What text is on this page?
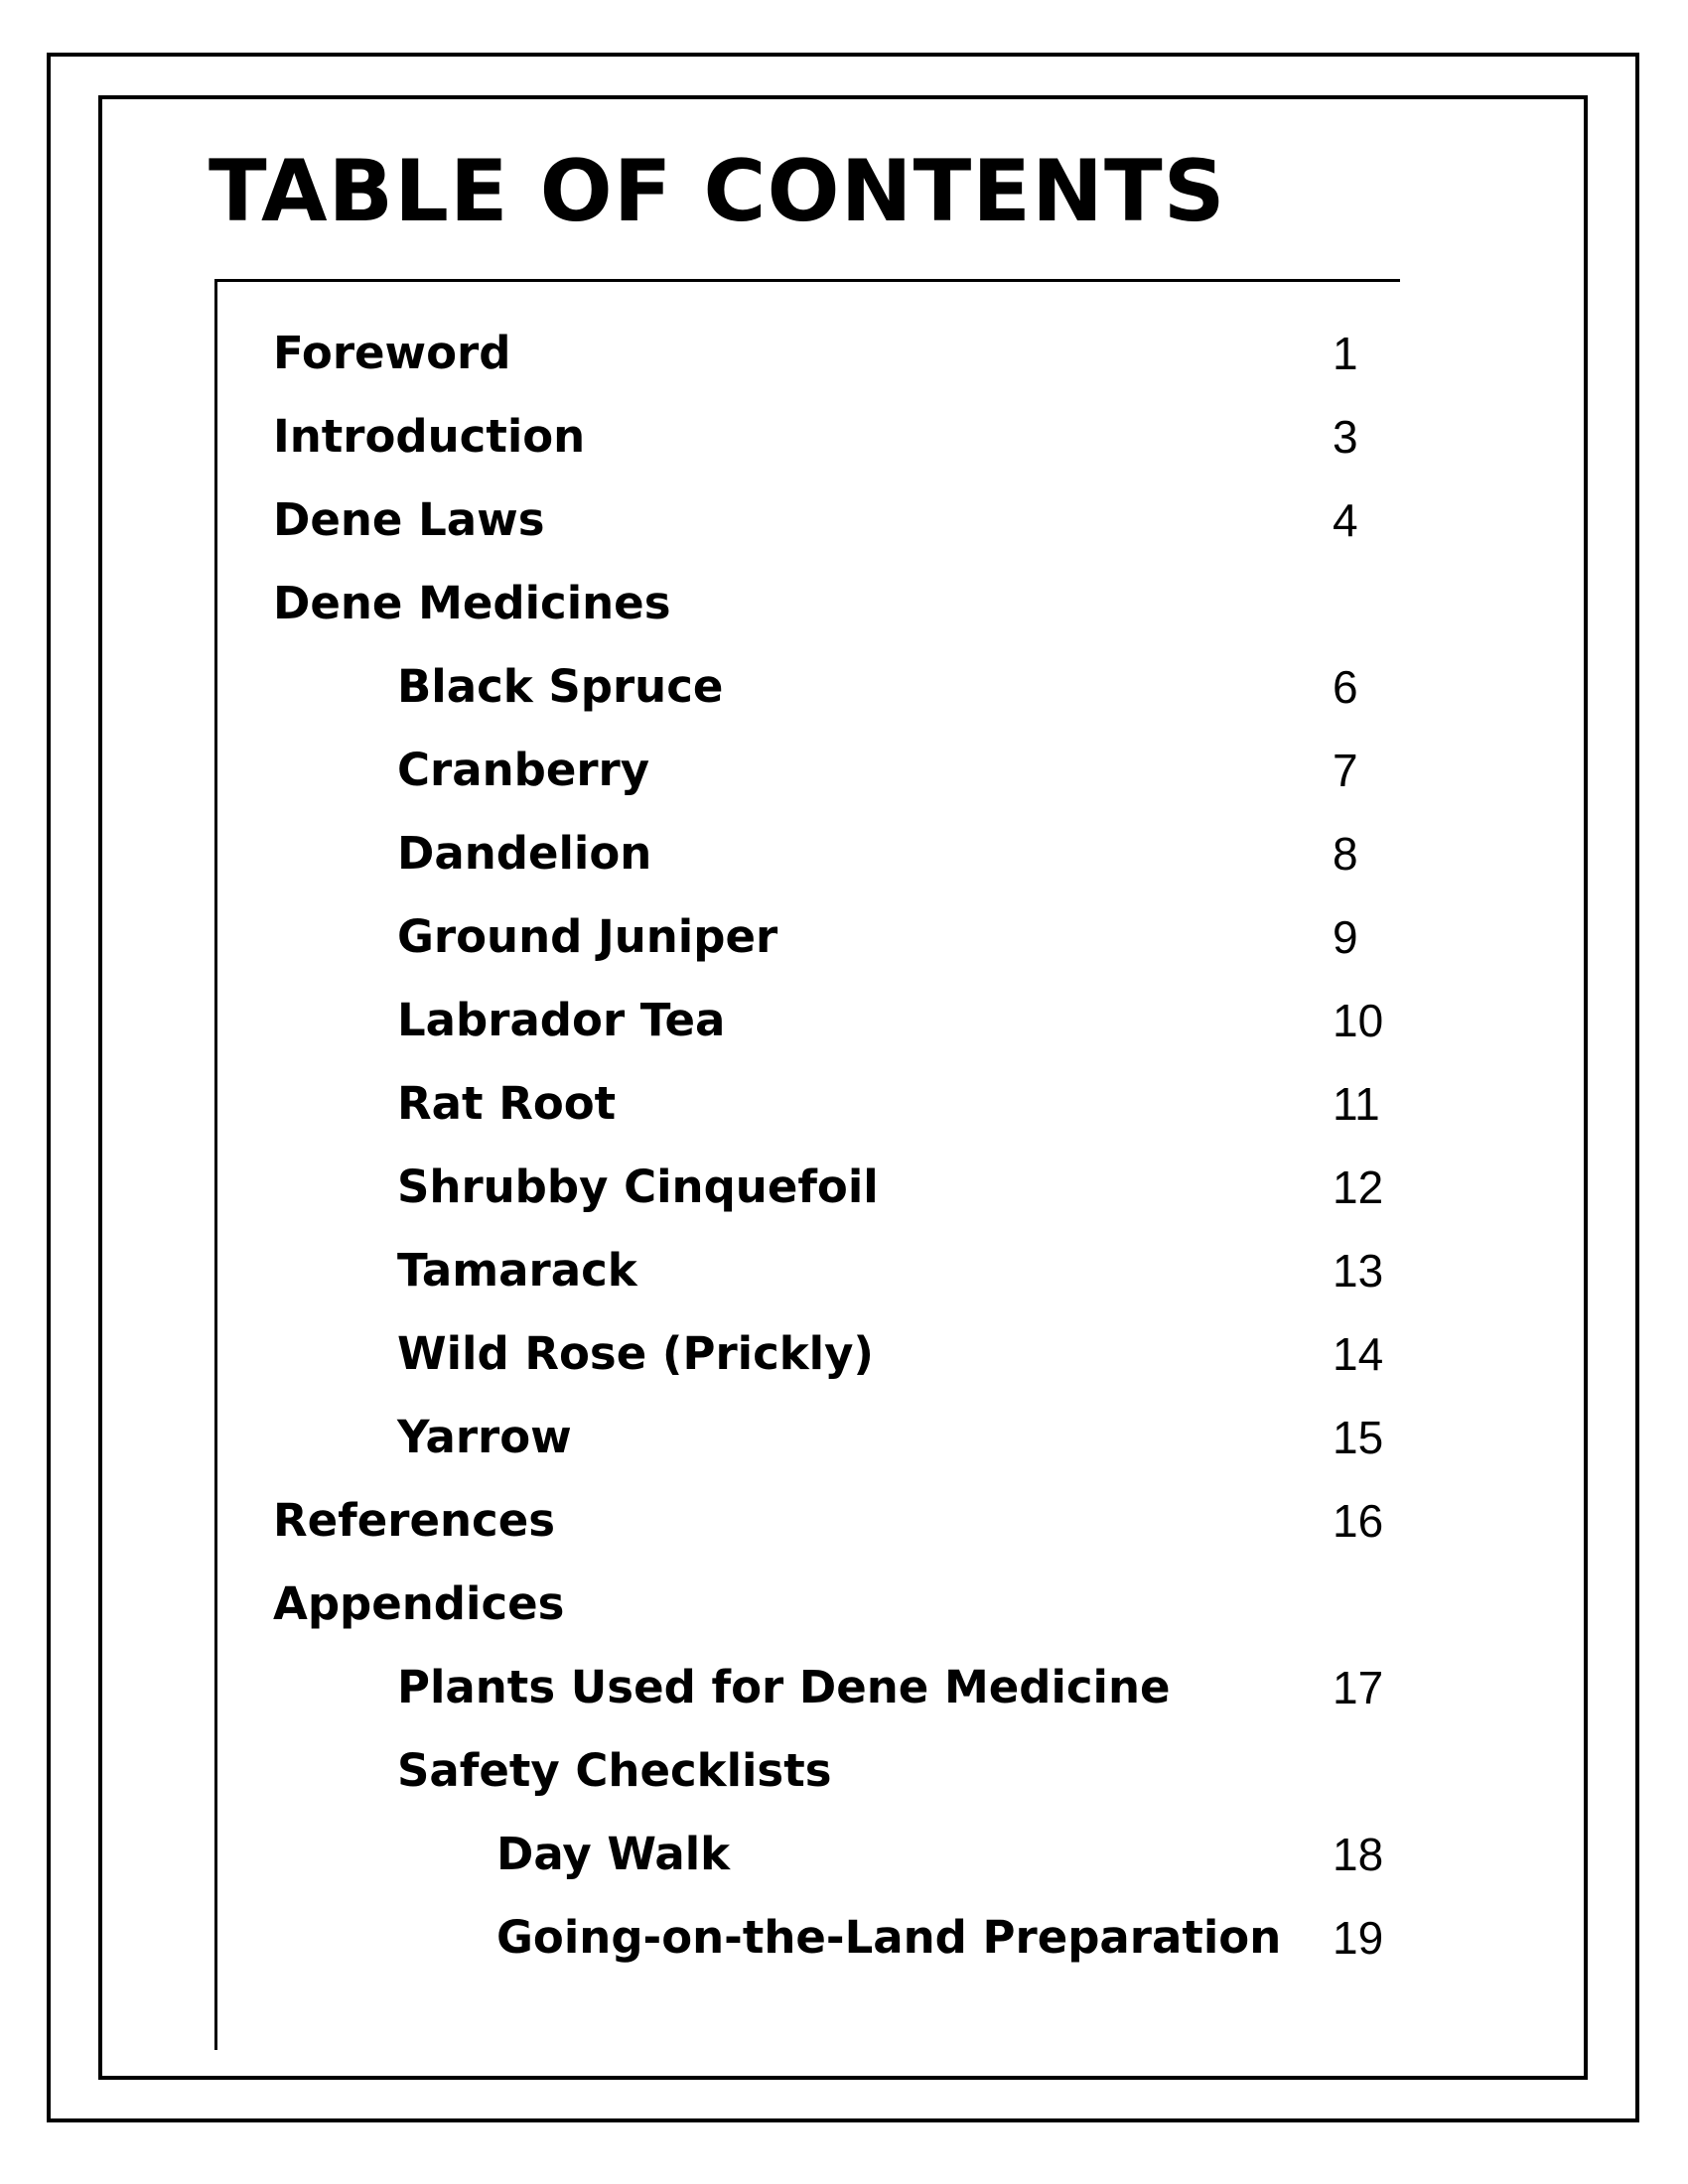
TABLE OF CONTENTS
Foreword	1
Introduction	3
Dene Laws	4
Dene Medicines
Black Spruce	6
Cranberry	7
Dandelion	8
Ground Juniper	9
Labrador Tea	10
Rat Root	11
Shrubby Cinquefoil	12
Tamarack	13
Wild Rose (Prickly)	14
Yarrow	15
References	16
Appendices
Plants Used for Dene Medicine	17
Safety Checklists
Day Walk	18
Going-on-the-Land Preparation 19
